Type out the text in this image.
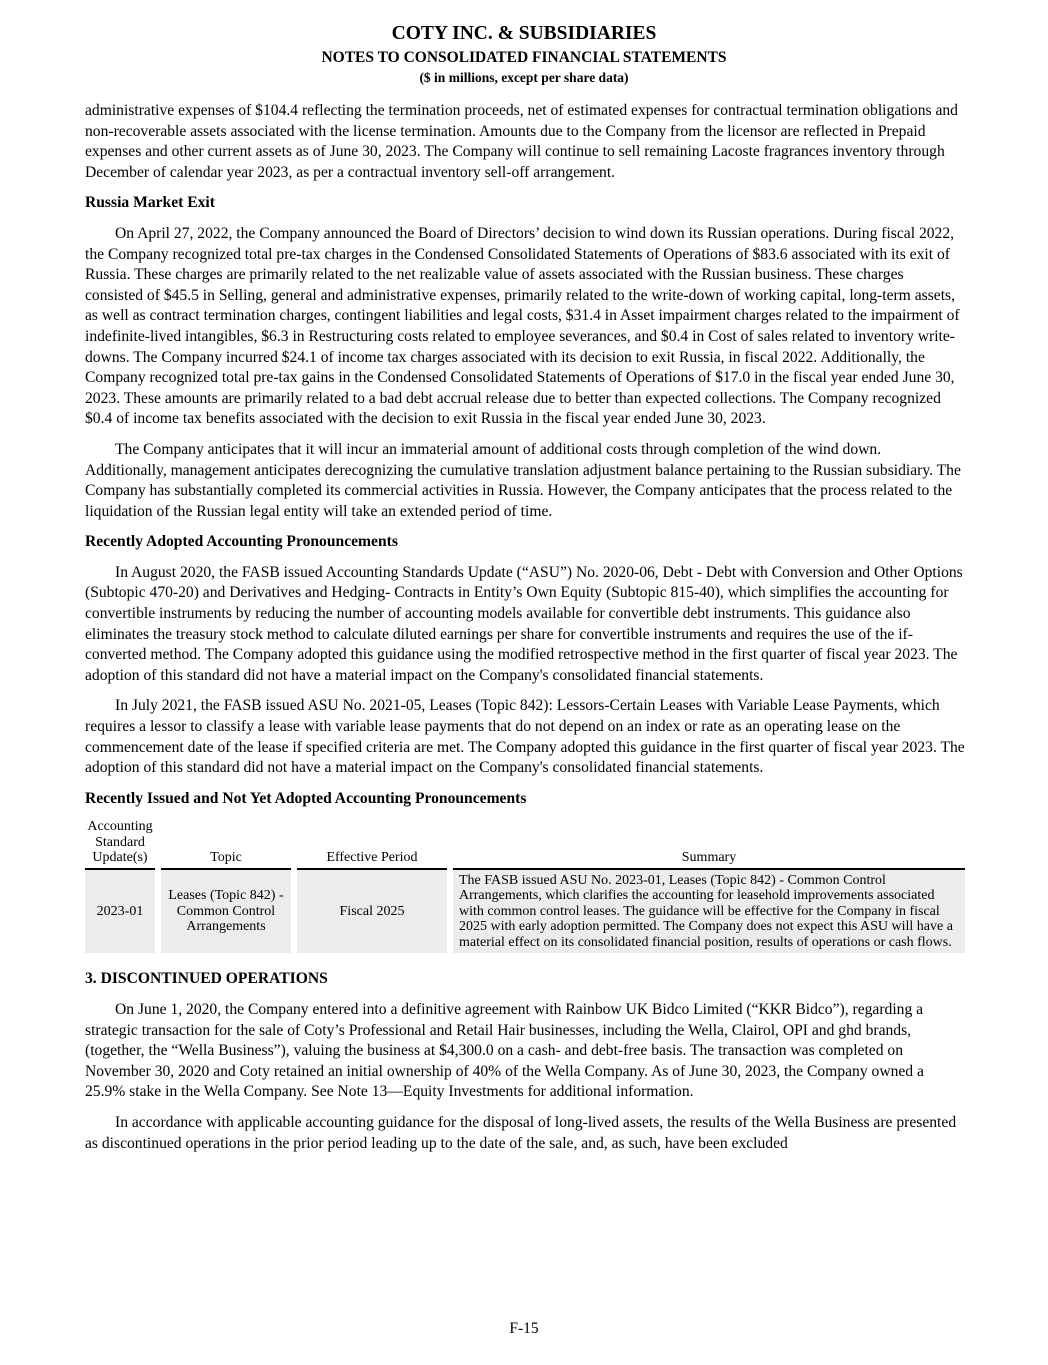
COTY INC. & SUBSIDIARIES
NOTES TO CONSOLIDATED FINANCIAL STATEMENTS
($ in millions, except per share data)

administrative expenses of $104.4 reflecting the termination proceeds, net of estimated expenses for contractual termination obligations and non-recoverable assets associated with the license termination. Amounts due to the Company from the licensor are reflected in Prepaid expenses and other current assets as of June 30, 2023. The Company will continue to sell remaining Lacoste fragrances inventory through December of calendar year 2023, as per a contractual inventory sell-off arrangement.

Russia Market Exit

On April 27, 2022, the Company announced the Board of Directors’ decision to wind down its Russian operations. During fiscal 2022, the Company recognized total pre-tax charges in the Condensed Consolidated Statements of Operations of $83.6 associated with its exit of Russia. These charges are primarily related to the net realizable value of assets associated with the Russian business. These charges consisted of $45.5 in Selling, general and administrative expenses, primarily related to the write-down of working capital, long-term assets, as well as contract termination charges, contingent liabilities and legal costs, $31.4 in Asset impairment charges related to the impairment of indefinite-lived intangibles, $6.3 in Restructuring costs related to employee severances, and $0.4 in Cost of sales related to inventory write-downs. The Company incurred $24.1 of income tax charges associated with its decision to exit Russia, in fiscal 2022. Additionally, the Company recognized total pre-tax gains in the Condensed Consolidated Statements of Operations of $17.0 in the fiscal year ended June 30, 2023. These amounts are primarily related to a bad debt accrual release due to better than expected collections. The Company recognized $0.4 of income tax benefits associated with the decision to exit Russia in the fiscal year ended June 30, 2023.

The Company anticipates that it will incur an immaterial amount of additional costs through completion of the wind down. Additionally, management anticipates derecognizing the cumulative translation adjustment balance pertaining to the Russian subsidiary. The Company has substantially completed its commercial activities in Russia. However, the Company anticipates that the process related to the liquidation of the Russian legal entity will take an extended period of time.

Recently Adopted Accounting Pronouncements

In August 2020, the FASB issued Accounting Standards Update (“ASU”) No. 2020-06, Debt - Debt with Conversion and Other Options (Subtopic 470-20) and Derivatives and Hedging- Contracts in Entity’s Own Equity (Subtopic 815-40), which simplifies the accounting for convertible instruments by reducing the number of accounting models available for convertible debt instruments. This guidance also eliminates the treasury stock method to calculate diluted earnings per share for convertible instruments and requires the use of the if-converted method. The Company adopted this guidance using the modified retrospective method in the first quarter of fiscal year 2023. The adoption of this standard did not have a material impact on the Company's consolidated financial statements.

In July 2021, the FASB issued ASU No. 2021-05, Leases (Topic 842): Lessors-Certain Leases with Variable Lease Payments, which requires a lessor to classify a lease with variable lease payments that do not depend on an index or rate as an operating lease on the commencement date of the lease if specified criteria are met. The Company adopted this guidance in the first quarter of fiscal year 2023. The adoption of this standard did not have a material impact on the Company's consolidated financial statements.

Recently Issued and Not Yet Adopted Accounting Pronouncements
Accounting Standard Update(s)	Topic	Effective Period	Summary
2023-01	Leases (Topic 842) - Common Control Arrangements	Fiscal 2025	The FASB issued ASU No. 2023-01, Leases (Topic 842) - Common Control Arrangements, which clarifies the accounting for leasehold improvements associated with common control leases. The guidance will be effective for the Company in fiscal 2025 with early adoption permitted. The Company does not expect this ASU will have a material effect on its consolidated financial position, results of operations or cash flows.
3. DISCONTINUED OPERATIONS

On June 1, 2020, the Company entered into a definitive agreement with Rainbow UK Bidco Limited (“KKR Bidco”), regarding a strategic transaction for the sale of Coty’s Professional and Retail Hair businesses, including the Wella, Clairol, OPI and ghd brands, (together, the “Wella Business”), valuing the business at $4,300.0 on a cash- and debt-free basis. The transaction was completed on November 30, 2020 and Coty retained an initial ownership of 40% of the Wella Company. As of June 30, 2023, the Company owned a 25.9% stake in the Wella Company. See Note 13—Equity Investments for additional information.

In accordance with applicable accounting guidance for the disposal of long-lived assets, the results of the Wella Business are presented as discontinued operations in the prior period leading up to the date of the sale, and, as such, have been excluded

F-15
